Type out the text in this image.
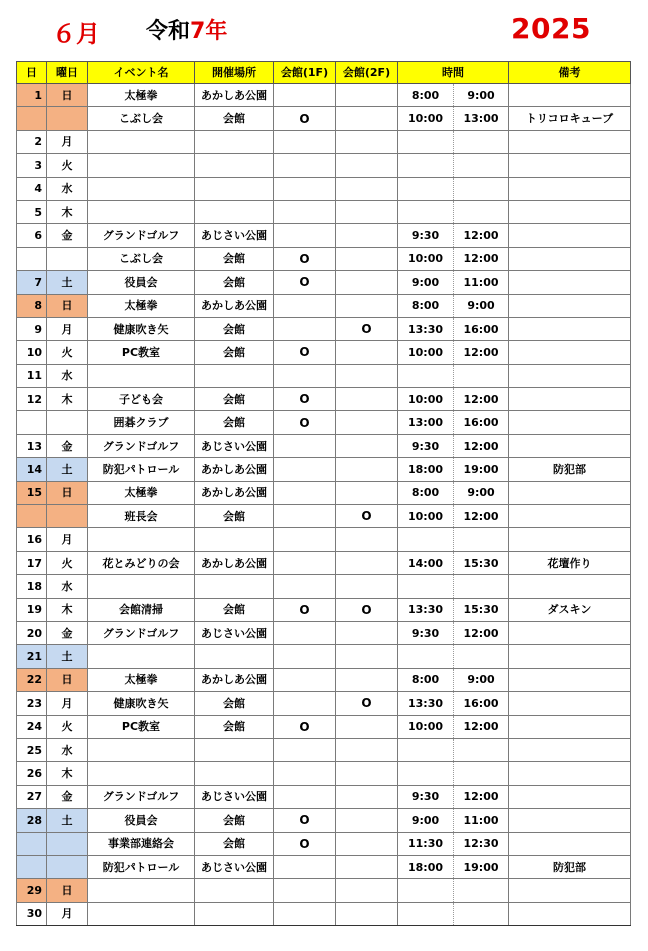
６月 令和7年	2025
日	曜日	イベント名	開催場所	会館(1F)	会館(2F)	時間		備考
1	日	太極拳	あかしあ公園			8:00	9:00	
		こぶし会	会館	O		10:00	13:00	トリコロキューブ
2	月							
3	火							
4	水							
5	木							
6	金	グランドゴルフ	あじさい公園			9:30	12:00	
		こぶし会	会館	O		10:00	12:00	
7	土	役員会	会館	O		9:00	11:00	
8	日	太極拳	あかしあ公園			8:00	9:00	
9	月	健康吹き矢	会館		O	13:30	16:00	
10	火	PC教室	会館	O		10:00	12:00	
11	水							
12	木	子ども会	会館	O		10:00	12:00	
		囲碁クラブ	会館	O		13:00	16:00	
13	金	グランドゴルフ	あじさい公園			9:30	12:00	
14	土	防犯パトロール	あかしあ公園			18:00	19:00	防犯部
15	日	太極拳	あかしあ公園			8:00	9:00	
		班長会	会館		O	10:00	12:00	
16	月							
17	火	花とみどりの会	あかしあ公園			14:00	15:30	花壇作り
18	水							
19	木	会館清掃	会館	O	O	13:30	15:30	ダスキン
20	金	グランドゴルフ	あじさい公園			9:30	12:00	
21	土							
22	日	太極拳	あかしあ公園			8:00	9:00	
23	月	健康吹き矢	会館		O	13:30	16:00	
24	火	PC教室	会館	O		10:00	12:00	
25	水							
26	木							
27	金	グランドゴルフ	あじさい公園			9:30	12:00	
28	土	役員会	会館	O		9:00	11:00	
		事業部連絡会	会館	O		11:30	12:30	
		防犯パトロール	あじさい公園			18:00	19:00	防犯部
29	日							
30	月							
